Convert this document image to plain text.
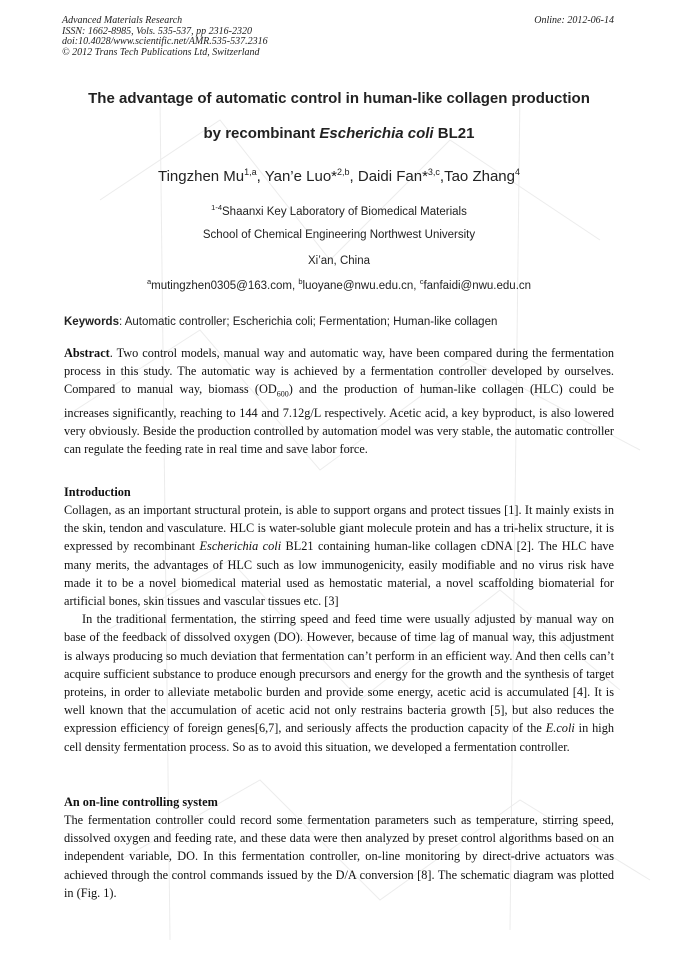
Advanced Materials Research
ISSN: 1662-8985, Vols. 535-537, pp 2316-2320
doi:10.4028/www.scientific.net/AMR.535-537.2316
© 2012 Trans Tech Publications Ltd, Switzerland
Online: 2012-06-14
The advantage of automatic control in human-like collagen production
by recombinant Escherichia coli BL21
Tingzhen Mu$^{1,a}$, Yan’e Luo*$^{2,b}$, Daidi Fan*$^{3,c}$,Tao Zhang$^4$
$^{1-4}$Shaanxi Key Laboratory of Biomedical Materials
School of Chemical Engineering Northwest University
Xi’an, China
$^a$mutingzhen0305@163.com, $^b$luoyane@nwu.edu.cn, $^c$fanfaidi@nwu.edu.cn
Keywords: Automatic controller; Escherichia coli; Fermentation; Human-like collagen

Abstract. Two control models, manual way and automatic way, have been compared during the fermentation process in this study. The automatic way is achieved by a fermentation controller developed by ourselves. Compared to manual way, biomass $(OD_{600})$ and the production of human-like collagen (HLC) could be increases significantly, reaching to 144 and 7.12g/L respectively. Acetic acid, a key byproduct, is also lowered very obviously. Beside the production controlled by automation model was very stable, the automatic controller can regulate the feeding rate in real time and save labor force.

Introduction

Collagen, as an important structural protein, is able to support organs and protect tissues [1]. It mainly exists in the skin, tendon and vasculature. HLC is water-soluble giant molecule protein and has a tri-helix structure, it is expressed by recombinant Escherichia coli BL21 containing human-like collagen cDNA [2]. The HLC have many merits, the advantages of HLC such as low immunogenicity, easily modifiable and no virus risk have made it to be a novel biomedical material used as hemostatic material, a novel scaffolding biomaterial for artificial bones, skin tissues and vascular tissues etc. [3]

In the traditional fermentation, the stirring speed and feed time were usually adjusted by manual way on base of the feedback of dissolved oxygen (DO). However, because of time lag of manual way, this adjustment is always producing so much deviation that fermentation can’t perform in an efficient way. And then cells can’t acquire sufficient substance to produce enough precursors and energy for the growth and the synthesis of target proteins, in order to alleviate metabolic burden and provide some energy, acetic acid is accumulated [4]. It is well known that the accumulation of acetic acid not only restrains bacteria growth [5], but also reduces the expression efficiency of foreign genes[6,7], and seriously affects the production capacity of the E.coli in high cell density fermentation process. So as to avoid this situation, we developed a fermentation controller.

An on-line controlling system

The fermentation controller could record some fermentation parameters such as temperature, stirring speed, dissolved oxygen and feeding rate, and these data were then analyzed by preset control algorithms based on an independent variable, DO. In this fermentation controller, on-line monitoring by direct-drive actuators was achieved through the control commands issued by the D/A conversion [8]. The schematic diagram was plotted in (Fig. 1).
